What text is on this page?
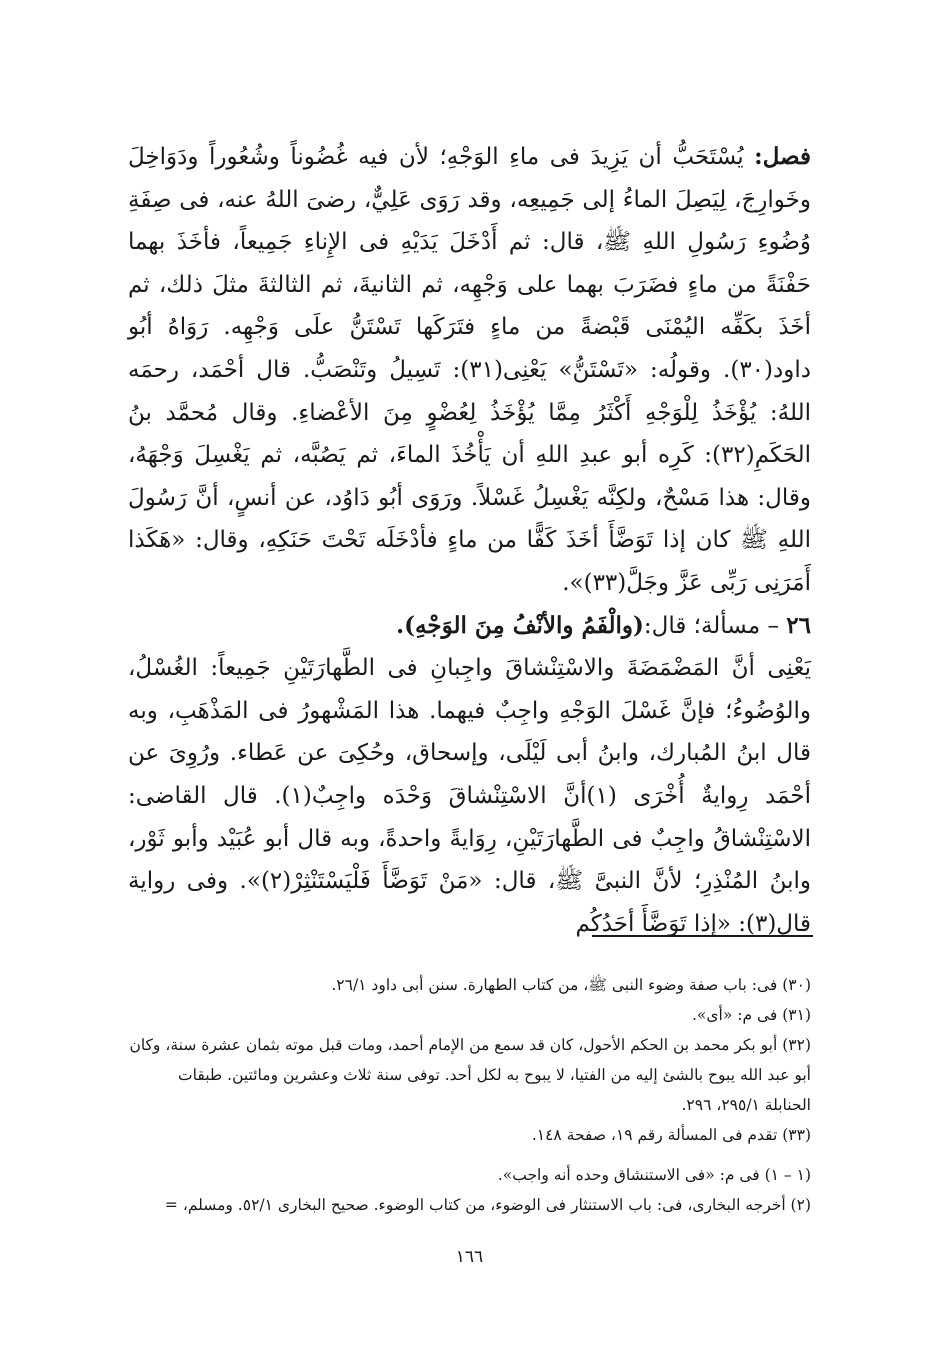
فصل: يُسْتَحَبُّ أن يَزِيدَ فى ماءِ الوَجْهِ؛ لأن فيه غُضُوناً وشُعُوراً ودَوَاخِلَ وخَوارِجَ، لِيَصِلَ الماءُ إلى جَمِيعِه، وقد رَوَى عَلِيٌّ، رضىَ اللهُ عنه، فى صِفَةِ وُضُوءِ رَسُولِ اللهِ ﷺ، قال: ثم أَدْخَلَ يَدَيْهِ فى الإِناءِ جَمِيعاً، فأخَذَ بهما حَفْنَةً من ماءٍ فضَرَبَ بهما على وَجْهِه، ثم الثانيةَ، ثم الثالثةَ مثلَ ذلك، ثم أخَذَ بكَفِّه اليُمْنَى قَبْضةً من ماءٍ فتَرَكَها تَسْتَنُّ علَى وَجْهِه. رَوَاهُ أبُو داود(٣٠). وقولُه: «تَسْتَنُّ» يَعْنِى(٣١): تَسِيلُ وتَنْصَبُّ. قال أحْمَد، رحمَه اللهُ: يُؤْخَذُ لِلْوَجْهِ أَكْثَرُ مِمَّا يُؤْخَذُ لِعُضْوٍ مِنَ الأعْضاءِ. وقال مُحمَّد بنُ الحَكَمِ(٣٢): كَرِه أبو عبدِ اللهِ أن يَأْخُذَ الماءَ، ثم يَصُبَّه، ثم يَغْسِلَ وَجْهَهُ، وقال: هذا مَسْحٌ، ولكِنَّه يَغْسِلُ غَسْلاً. ورَوَى أبُو دَاوُد، عن أنسٍ، أنَّ رَسُولَ اللهِ ﷺ كان إذا تَوَضَّأَ أخَذَ كَفًّا من ماءٍ فأدْخَلَه تَحْتَ حَنَكِهِ، وقال: «هَكَذا أَمَرَنِى رَبِّى عَزَّ وجَلَّ(٣٣)».

٢٦ – مسألة؛ قال:(والْفَمُ والأنْفُ مِنَ الوَجْهِ).

يَعْنِى أنَّ المَضْمَضَةَ والاسْتِنْشاقَ واجِبانِ فى الطَّهارَتَيْنِ جَمِيعاً: الغُسْلُ، والوُضُوءُ؛ فإنَّ غَسْلَ الوَجْهِ واجِبٌ فيهما. هذا المَشْهورُ فى المَذْهَبِ، وبه قال ابنُ المُبارك، وابنُ أبى لَيْلَى، وإسحاق، وحُكِىَ عن عَطاء. ورُوِىَ عن أحْمَد رِوايةٌ أُخْرَى (١)أنَّ الاسْتِنْشاقَ وَحْدَه واجِبٌ(١). قال القاضى: الاسْتِنْشاقُ واجِبٌ فى الطَّهارَتَيْنِ، رِوَايةً واحدةً، وبه قال أبو عُبَيْد وأبو ثَوْر، وابنُ المُنْذِرِ؛ لأنَّ النبىَّ ﷺ، قال: «مَنْ تَوَضَّأَ فَلْيَسْتَنْثِرْ(٢)». وفى رواية قال(٣): «إذا تَوَضَّأَ أحَدُكُم

(٣٠) فى: باب صفة وضوء النبى ﷺ، من كتاب الطهارة. سنن أبى داود ٢٦/١.

(٣١) فى م: «أى».

(٣٢) أبو بكر محمد بن الحكم الأحول، كان قد سمع من الإمام أحمد، ومات قبل موته بثمان عشرة سنة، وكان أبو عبد الله يبوح بالشئ إليه من الفتيا، لا يبوح به لكل أحد. توفى سنة ثلاث وعشرين ومائتين. طبقات الحنابلة ٢٩٥/١، ٢٩٦.

(٣٣) تقدم فى المسألة رقم ١٩، صفحة ١٤٨.

(١ – ١) فى م: «فى الاستنشاق وحده أنه واجب».

(٢) أخرجه البخارى، فى: باب الاستنثار فى الوضوء، من كتاب الوضوء. صحيح البخارى ٥٢/١. ومسلم، =

١٦٦
